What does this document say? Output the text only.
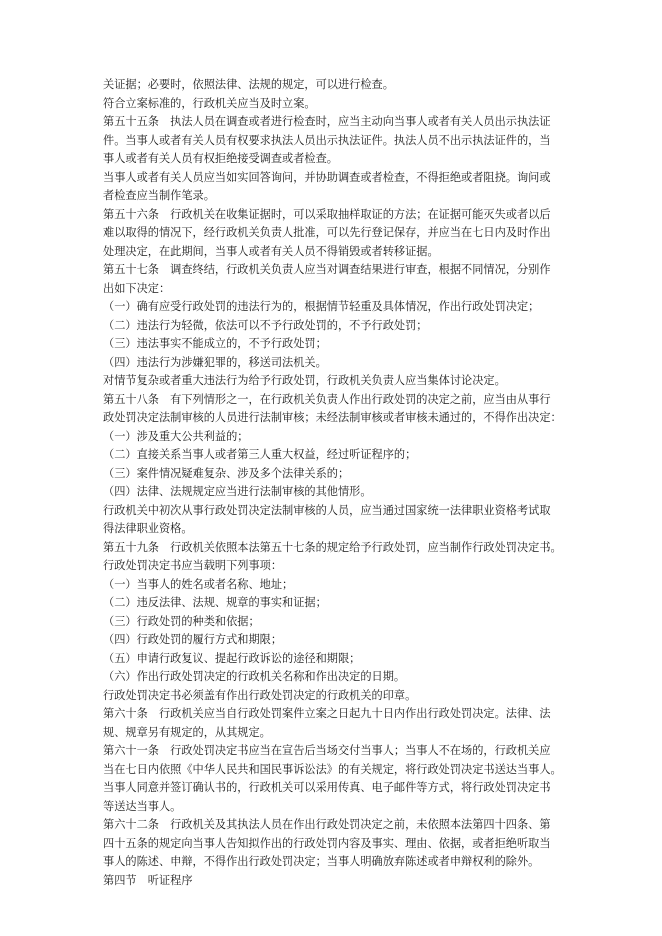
关证据；必要时，依照法律、法规的规定，可以进行检查。
符合立案标准的，行政机关应当及时立案。
第五十五条　执法人员在调查或者进行检查时，应当主动向当事人或者有关人员出示执法证
件。当事人或者有关人员有权要求执法人员出示执法证件。执法人员不出示执法证件的，当
事人或者有关人员有权拒绝接受调查或者检查。
当事人或者有关人员应当如实回答询问，并协助调查或者检查，不得拒绝或者阻挠。询问或
者检查应当制作笔录。
第五十六条　行政机关在收集证据时，可以采取抽样取证的方法；在证据可能灭失或者以后
难以取得的情况下，经行政机关负责人批准，可以先行登记保存，并应当在七日内及时作出
处理决定，在此期间，当事人或者有关人员不得销毁或者转移证据。
第五十七条　调查终结，行政机关负责人应当对调查结果进行审查，根据不同情况，分别作
出如下决定：
（一）确有应受行政处罚的违法行为的，根据情节轻重及具体情况，作出行政处罚决定；
（二）违法行为轻微，依法可以不予行政处罚的，不予行政处罚；
（三）违法事实不能成立的，不予行政处罚；
（四）违法行为涉嫌犯罪的，移送司法机关。
对情节复杂或者重大违法行为给予行政处罚，行政机关负责人应当集体讨论决定。
第五十八条　有下列情形之一，在行政机关负责人作出行政处罚的决定之前，应当由从事行
政处罚决定法制审核的人员进行法制审核；未经法制审核或者审核未通过的，不得作出决定：
（一）涉及重大公共利益的；
（二）直接关系当事人或者第三人重大权益，经过听证程序的；
（三）案件情况疑难复杂、涉及多个法律关系的；
（四）法律、法规规定应当进行法制审核的其他情形。
行政机关中初次从事行政处罚决定法制审核的人员，应当通过国家统一法律职业资格考试取
得法律职业资格。
第五十九条　行政机关依照本法第五十七条的规定给予行政处罚，应当制作行政处罚决定书。
行政处罚决定书应当载明下列事项：
（一）当事人的姓名或者名称、地址；
（二）违反法律、法规、规章的事实和证据；
（三）行政处罚的种类和依据；
（四）行政处罚的履行方式和期限；
（五）申请行政复议、提起行政诉讼的途径和期限；
（六）作出行政处罚决定的行政机关名称和作出决定的日期。
行政处罚决定书必须盖有作出行政处罚决定的行政机关的印章。
第六十条　行政机关应当自行政处罚案件立案之日起九十日内作出行政处罚决定。法律、法
规、规章另有规定的，从其规定。
第六十一条　行政处罚决定书应当在宣告后当场交付当事人；当事人不在场的，行政机关应
当在七日内依照《中华人民共和国民事诉讼法》的有关规定，将行政处罚决定书送达当事人。
当事人同意并签订确认书的，行政机关可以采用传真、电子邮件等方式，将行政处罚决定书
等送达当事人。
第六十二条　行政机关及其执法人员在作出行政处罚决定之前，未依照本法第四十四条、第
四十五条的规定向当事人告知拟作出的行政处罚内容及事实、理由、依据，或者拒绝听取当
事人的陈述、申辩，不得作出行政处罚决定；当事人明确放弃陈述或者申辩权利的除外。
第四节　听证程序
